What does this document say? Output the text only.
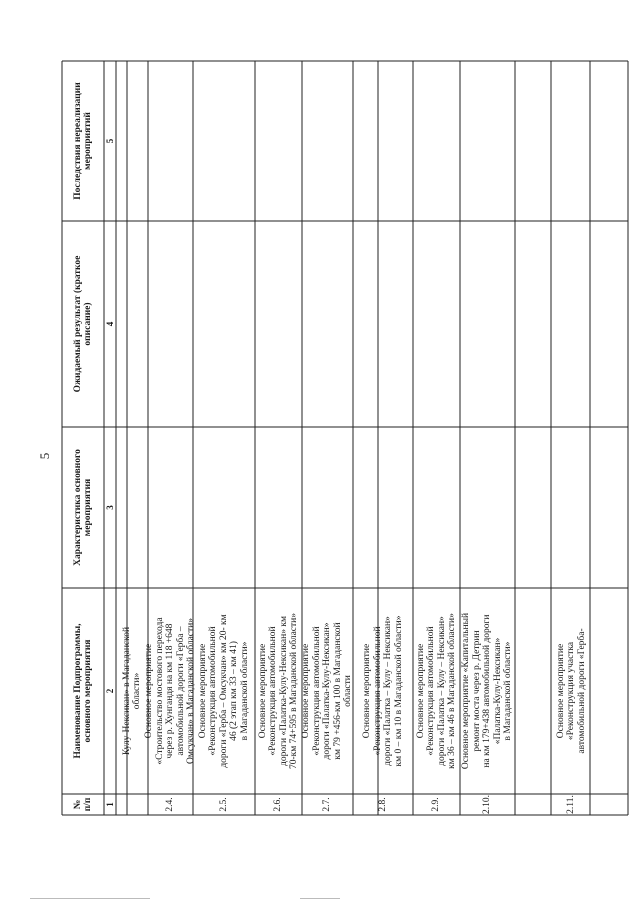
5
№
п/п
Наименование Подпрограммы,
основного мероприятия
Характеристика основного
мероприятия
Ожидаемый результат (краткое
описание)
Последствия нереализации
мероприятий
1
2
3
4
5
Кулу-Нексикан» в Магаданской
области»
2.4.
Основное мероприятие
«Строительство мостового перехода
через р. Хунгандя на км 118 +648
автомобильной дороги «Герба –
Омсукчан» в Магаданской области»
2.5.
Основное мероприятие
«Реконструкция автомобильной
дороги «Герба – Омсукчан» км 20- км
46 (2 этап км 33 – км 41)
в Магаданской области»
2.6.
Основное мероприятие
«Реконструкция автомобильной
дороги «Палатка-Кулу-Нексикан» км
70-км 74+595 в Магаданской области»
2.7.
Основное мероприятие
«Реконструкция автомобильной
дороги «Палатка-Кулу-Нексикан»
км 79 +456-км 100 в Магаданской
области
2.8.
Основное мероприятие
«Реконструкция автомобильной
дороги «Палатка – Кулу – Нексикан»
км 0 – км 10 в Магаданской области»
2.9.
Основное мероприятие
«Реконструкция автомобильной
дороги «Палатка – Кулу – Нексикан»
км 36 – км 46 в Магаданской области»
2.10.
Основное мероприятие «Капитальный
ремонт моста через р. Детрин
на км 179+438 автомобильной дороги
«Палатка-Кулу-Нексикан»
в Магаданской области»
2.11.
Основное мероприятие
«Реконструкция участка
автомобильной дороги «Герба-
